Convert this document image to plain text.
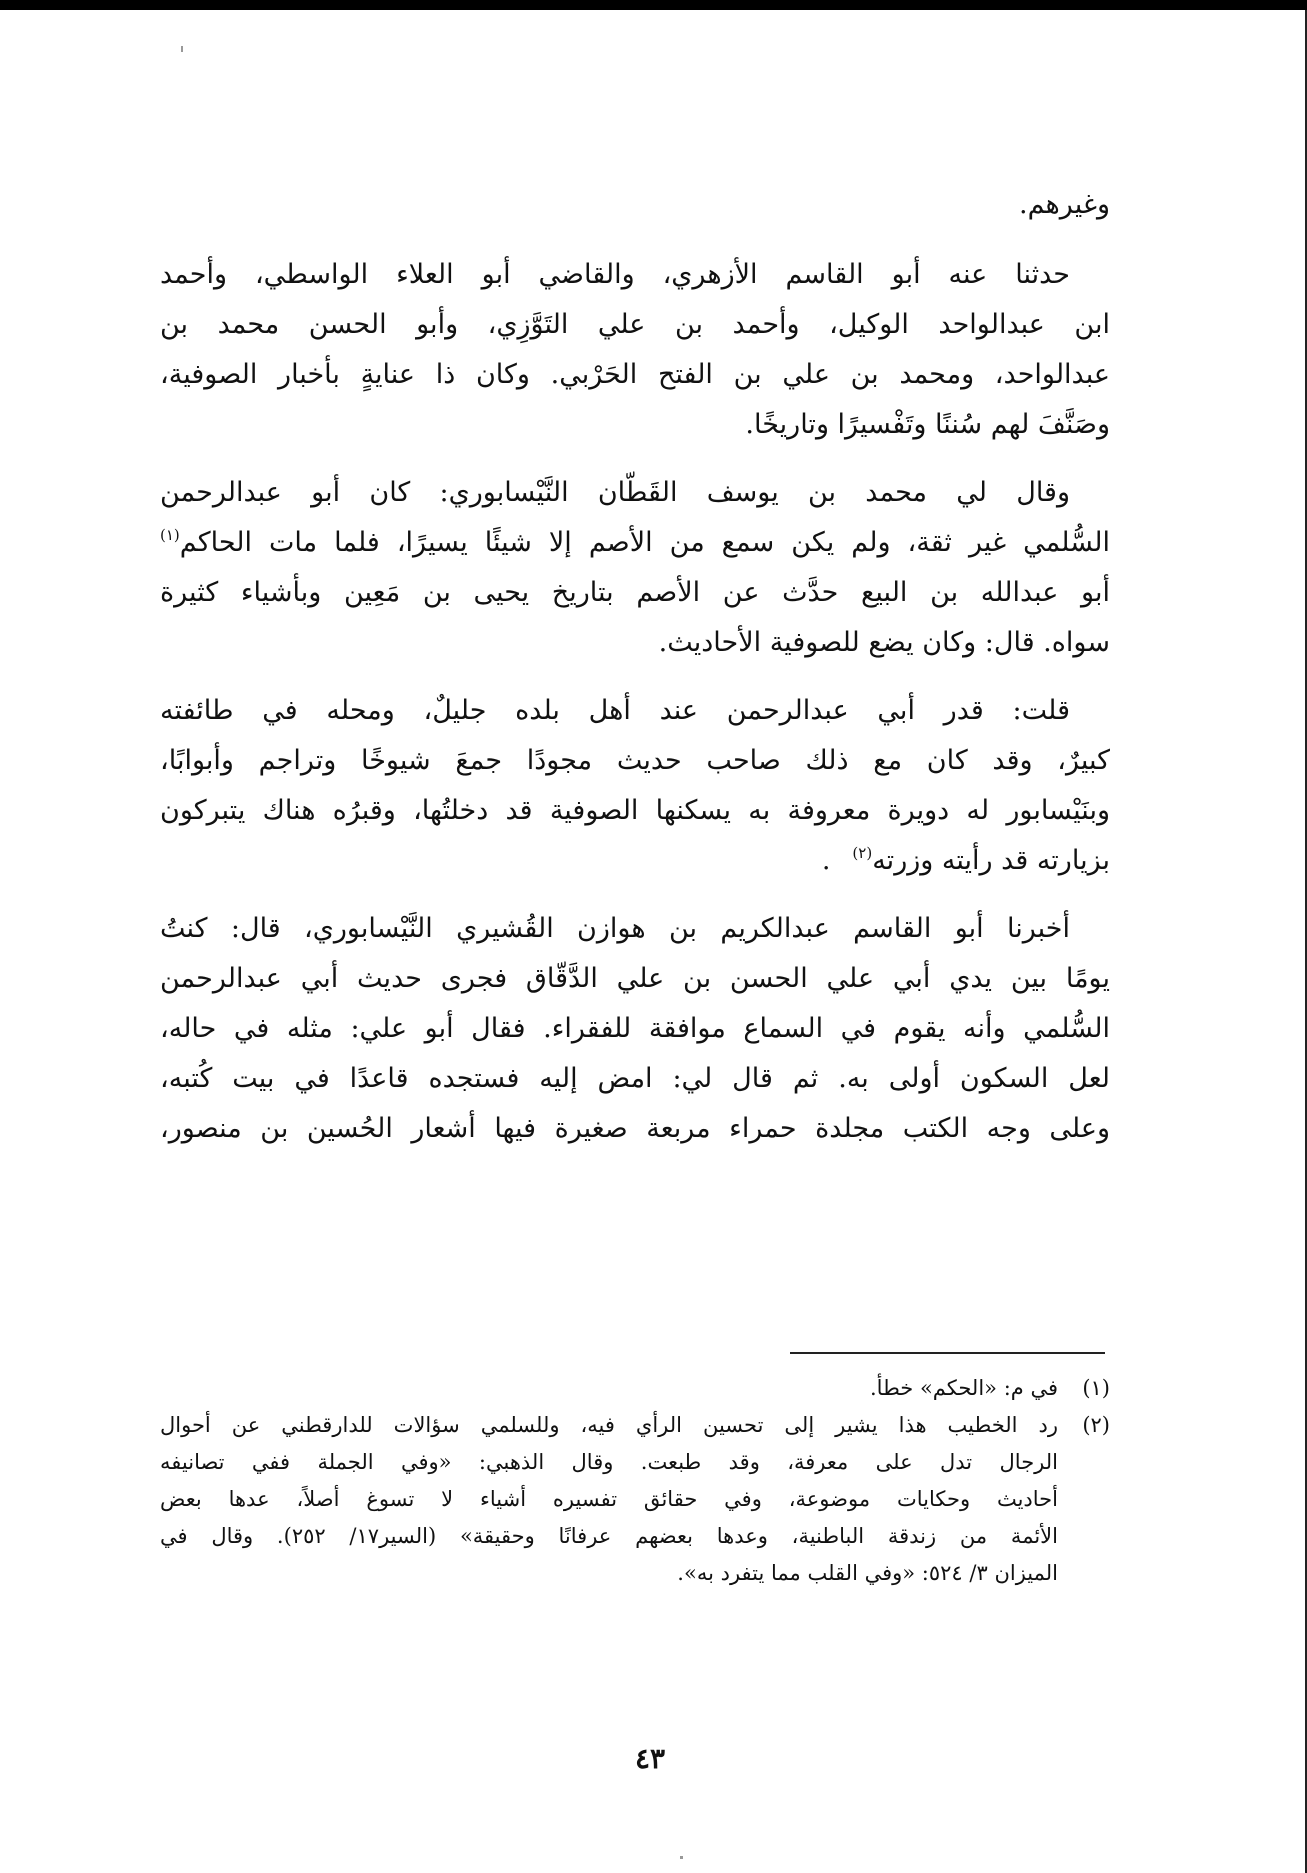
وغيرهم.
حدثنا عنه أبو القاسم الأزهري، والقاضي أبو العلاء الواسطي، وأحمد
ابن عبدالواحد الوكيل، وأحمد بن علي التَوَّزِي، وأبو الحسن محمد بن
عبدالواحد، ومحمد بن علي بن الفتح الحَرْبي. وكان ذا عنايةٍ بأخبار الصوفية،
وصَنَّفَ لهم سُننًا وتَفْسيرًا وتاريخًا.
وقال لي محمد بن يوسف القَطّان النَّيْسابوري: كان أبو عبدالرحمن
السُّلمي غير ثقة، ولم يكن سمع من الأصم إلا شيئًا يسيرًا، فلما مات الحاكم$^{(١)}$
أبو عبدالله بن البيع حدَّث عن الأصم بتاريخ يحيى بن مَعِين وبأشياء كثيرة
سواه. قال: وكان يضع للصوفية الأحاديث.
قلت: قدر أبي عبدالرحمن عند أهل بلده جليلٌ، ومحله في طائفته
كبيرٌ، وقد كان مع ذلك صاحب حديث مجودًا جمعَ شيوخًا وتراجم وأبوابًا،
وبنَيْسابور له دويرة معروفة به يسكنها الصوفية قد دخلتُها، وقبرُه هناك يتبركون
بزيارته قد رأيته وزرته$^{(٢)}$.
أخبرنا أبو القاسم عبدالكريم بن هوازن القُشيري النَّيْسابوري، قال: كنتُ
يومًا بين يدي أبي علي الحسن بن علي الدَّقّاق فجرى حديث أبي عبدالرحمن
السُّلمي وأنه يقوم في السماع موافقة للفقراء. فقال أبو علي: مثله في حاله،
لعل السكون أولى به. ثم قال لي: امض إليه فستجده قاعدًا في بيت كُتبه،
وعلى وجه الكتب مجلدة حمراء مربعة صغيرة فيها أشعار الحُسين بن منصور،
(١)
في م: «الحكم» خطأ.
(٢)
رد الخطيب هذا يشير إلى تحسين الرأي فيه، وللسلمي سؤالات للدارقطني عن أحوال
الرجال تدل على معرفة، وقد طبعت. وقال الذهبي: «وفي الجملة ففي تصانيفه
أحاديث وحكايات موضوعة، وفي حقائق تفسيره أشياء لا تسوغ أصلاً، عدها بعض
الأئمة من زندقة الباطنية، وعدها بعضهم عرفانًا وحقيقة» (السير١٧/ ٢٥٢). وقال في
الميزان ٣/ ٥٢٤: «وفي القلب مما يتفرد به».
٤٣
